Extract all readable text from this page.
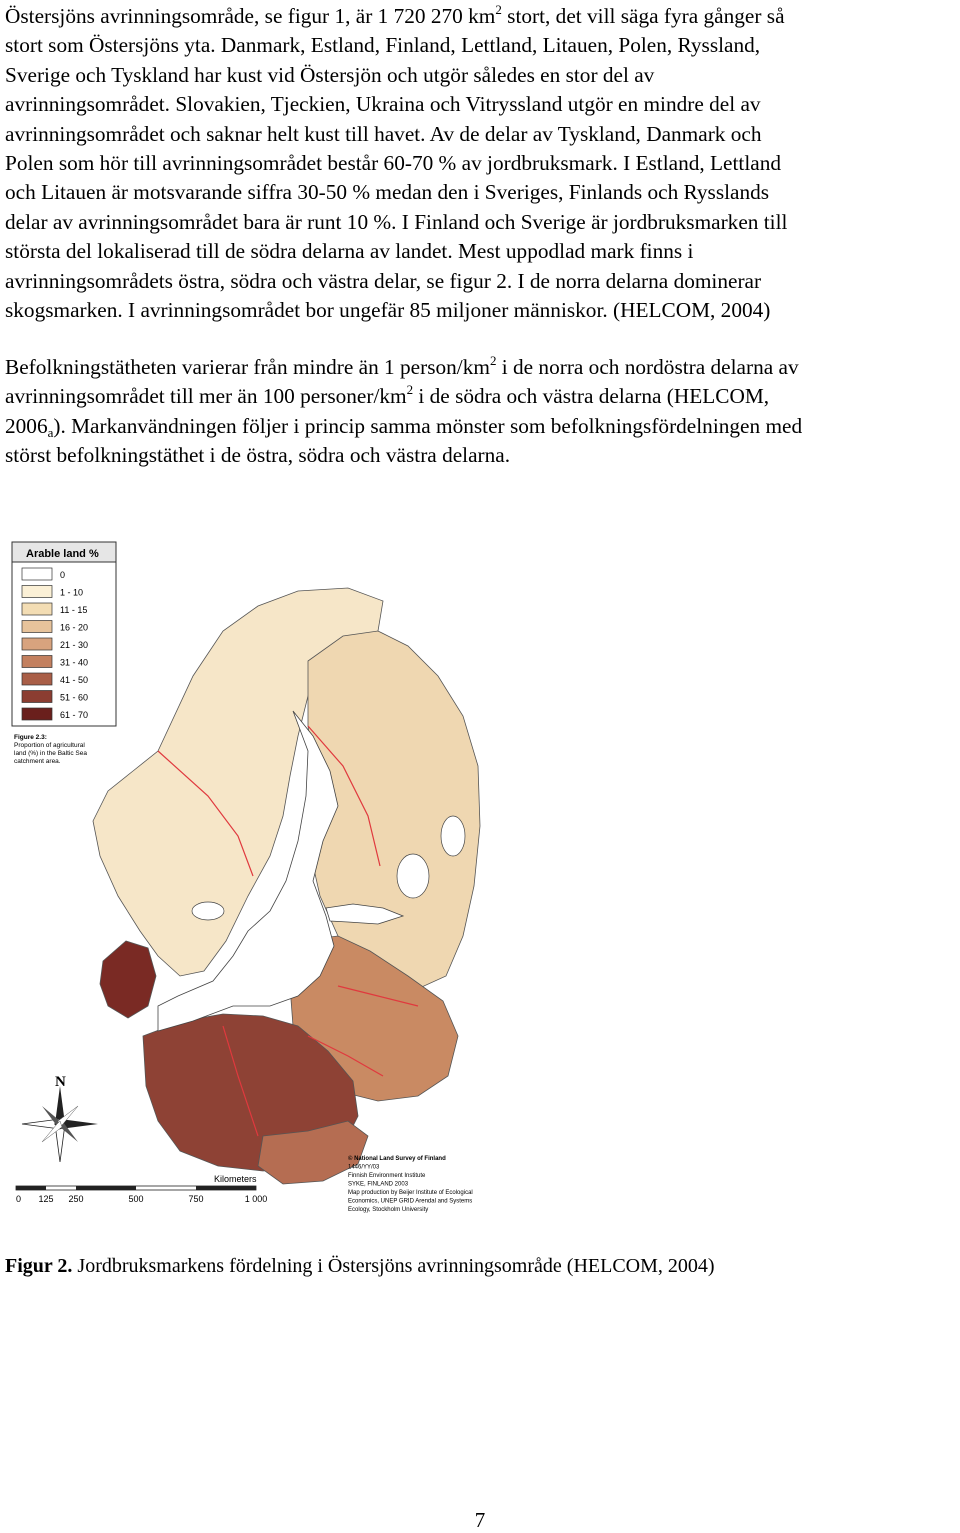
Östersjöns avrinningsområde, se figur 1, är 1 720 270 $km^2$ stort, det vill säga fyra gånger så
stort som Östersjöns yta. Danmark, Estland, Finland, Lettland, Litauen, Polen, Ryssland,
Sverige och Tyskland har kust vid Östersjön och utgör således en stor del av
avrinningsområdet. Slovakien, Tjeckien, Ukraina och Vitryssland utgör en mindre del av
avrinningsområdet och saknar helt kust till havet. Av de delar av Tyskland, Danmark och
Polen som hör till avrinningsområdet består 60-70 % av jordbruksmark. I Estland, Lettland
och Litauen är motsvarande siffra 30-50 % medan den i Sveriges, Finlands och Rysslands
delar av avrinningsområdet bara är runt 10 %. I Finland och Sverige är jordbruksmarken till
största del lokaliserad till de södra delarna av landet. Mest uppodlad mark finns i
avrinningsområdets östra, södra och västra delar, se figur 2. I de norra delarna dominerar
skogsmarken. I avrinningsområdet bor ungefär 85 miljoner människor. (HELCOM, 2004)
Befolkningstätheten varierar från mindre än 1 person/$km^2$ i de norra och nordöstra delarna av
avrinningsområdet till mer än 100 personer/$km^2$ i de södra och västra delarna (HELCOM,
$2006_a$). Markanvändningen följer i princip samma mönster som befolkningsfördelningen med
störst befolkningstäthet i de östra, södra och västra delarna.
Arable land %
0
1 - 10
11 - 15
16 - 20
21 - 30
31 - 40
41 - 50
51 - 60
61 - 70
Figure 2.3:
Proportion of agricultural
land (%) in the Baltic Sea
catchment area.
N
Kilometers
0 125 250	500	750	1 000
© National Land Survey of Finland
1446/YY/03
Finnish Environment Institute
SYKE, FINLAND 2003
Map production by Beijer Institute of Ecological
Economics, UNEP GRID Arendal and Systems
Ecology, Stockholm University
Figur 2. Jordbruksmarkens fördelning i Östersjöns avrinningsområde (HELCOM, 2004)
7
